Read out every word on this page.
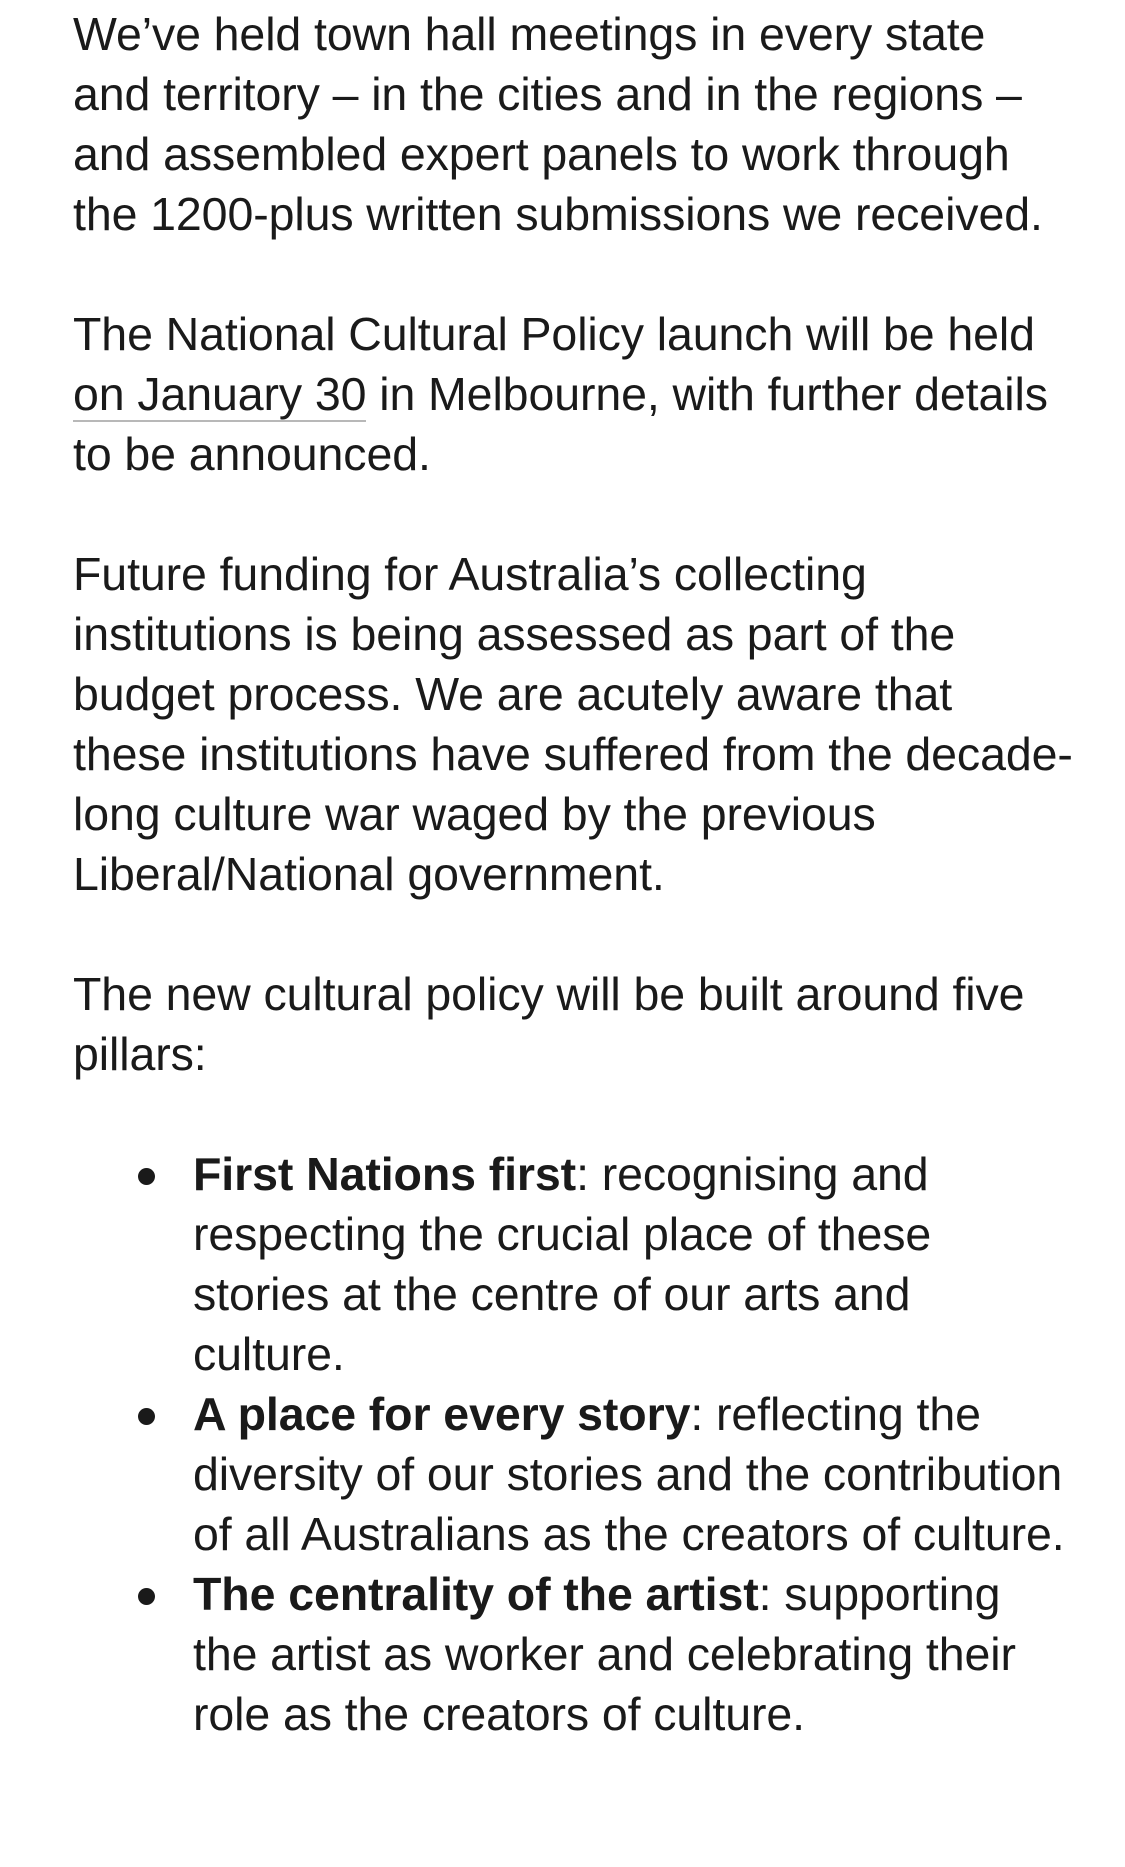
We’ve held town hall meetings in every state and territory – in the cities and in the regions – and assembled expert panels to work through the 1200-plus written submissions we received.

The National Cultural Policy launch will be held on January 30 in Melbourne, with further details to be announced.

Future funding for Australia’s collecting institutions is being assessed as part of the budget process. We are acutely aware that these institutions have suffered from the decade-long culture war waged by the previous Liberal/National government.

The new cultural policy will be built around five pillars:

First Nations first: recognising and respecting the crucial place of these stories at the centre of our arts and culture.
A place for every story: reflecting the diversity of our stories and the contribution of all Australians as the creators of culture.
The centrality of the artist: supporting the artist as worker and celebrating their role as the creators of culture.
